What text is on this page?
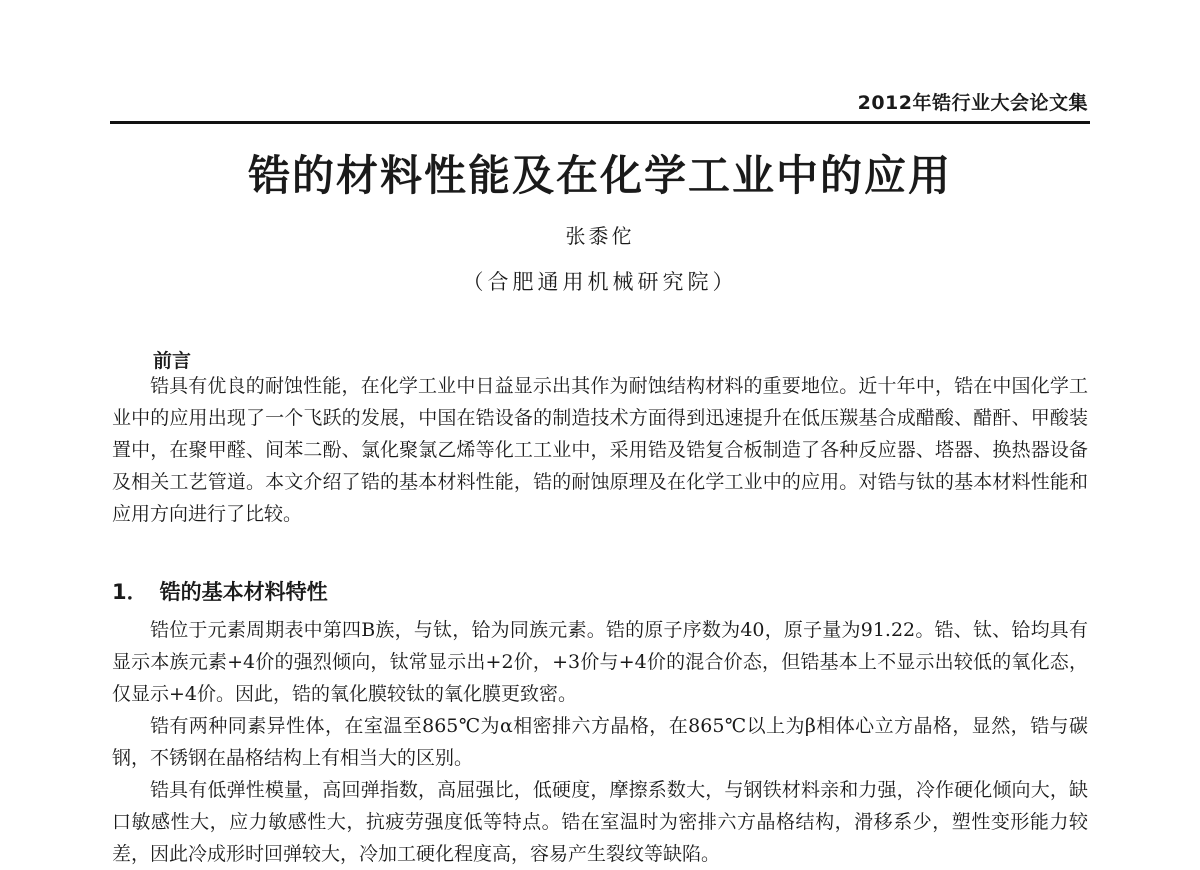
2012年锆行业大会论文集
锆的材料性能及在化学工业中的应用
张黍佗
（合肥通用机械研究院）
前言

锆具有优良的耐蚀性能，在化学工业中日益显示出其作为耐蚀结构材料的重要地位。近十年中，锆在中国化学工业中的应用出现了一个飞跃的发展，中国在锆设备的制造技术方面得到迅速提升在低压羰基合成醋酸、醋酐、甲酸装置中，在聚甲醛、间苯二酚、氯化聚氯乙烯等化工工业中，采用锆及锆复合板制造了各种反应器、塔器、换热器设备及相关工艺管道。本文介绍了锆的基本材料性能，锆的耐蚀原理及在化学工业中的应用。对锆与钛的基本材料性能和应用方向进行了比较。

1． 锆的基本材料特性

锆位于元素周期表中第四B族，与钛，铪为同族元素。锆的原子序数为40，原子量为91.22。锆、钛、铪均具有显示本族元素+4价的强烈倾向，钛常显示出+2价，+3价与+4价的混合价态，但锆基本上不显示出较低的氧化态，仅显示+4价。因此，锆的氧化膜较钛的氧化膜更致密。

锆有两种同素异性体，在室温至865℃为α相密排六方晶格，在865℃以上为β相体心立方晶格，显然，锆与碳钢，不锈钢在晶格结构上有相当大的区别。

锆具有低弹性模量，高回弹指数，高屈强比，低硬度，摩擦系数大，与钢铁材料亲和力强，冷作硬化倾向大，缺口敏感性大，应力敏感性大，抗疲劳强度低等特点。锆在室温时为密排六方晶格结构，滑移系少，塑性变形能力较差，因此冷成形时回弹较大，冷加工硬化程度高，容易产生裂纹等缺陷。
